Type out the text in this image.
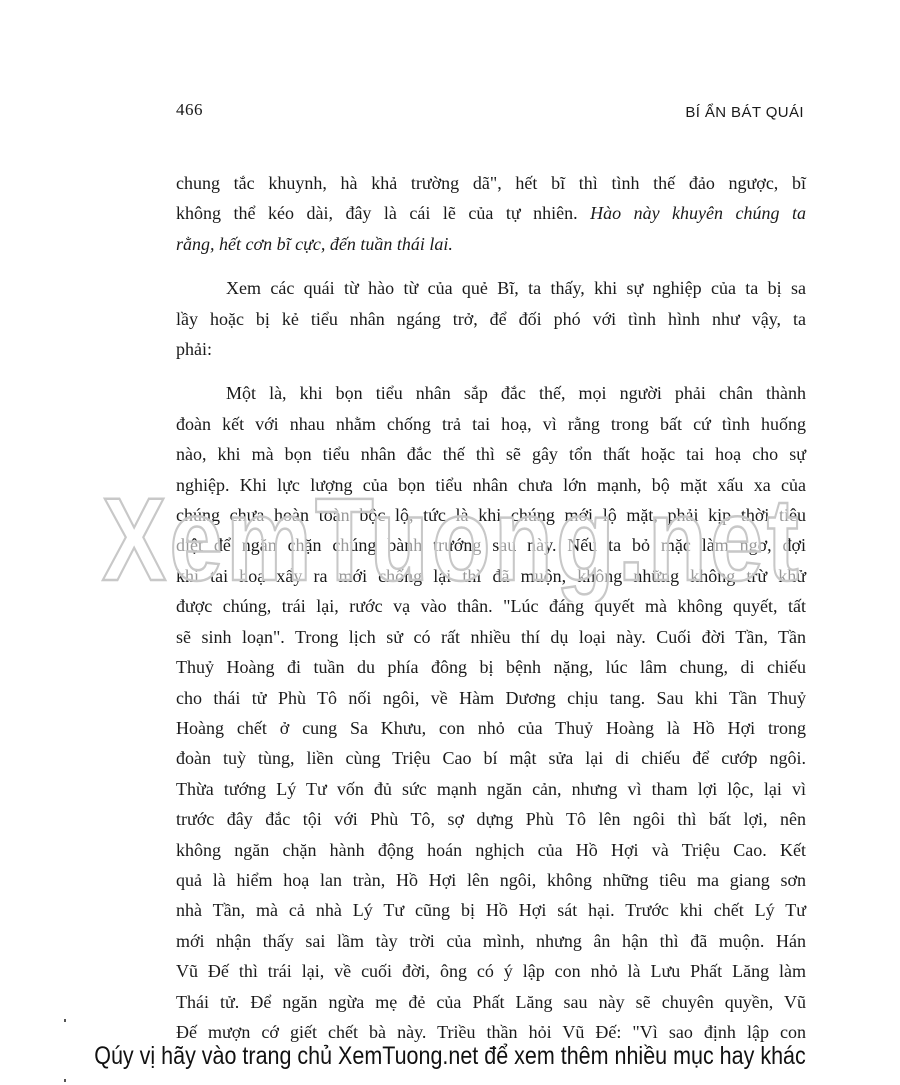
466	BÍ ẨN BÁT QUÁI
chung tắc khuynh, hà khả trường dã", hết bĩ thì tình thế đảo ngược, bĩ
không thể kéo dài, đây là cái lẽ của tự nhiên. Hào này khuyên chúng ta
rằng, hết cơn bĩ cực, đến tuần thái lai.
Xem các quái từ hào từ của quẻ Bĩ, ta thấy, khi sự nghiệp của ta bị sa
lầy hoặc bị kẻ tiểu nhân ngáng trở, để đối phó với tình hình như vậy, ta
phải:
Một là, khi bọn tiểu nhân sắp đắc thế, mọi người phải chân thành
đoàn kết với nhau nhằm chống trả tai hoạ, vì rằng trong bất cứ tình huống
nào, khi mà bọn tiểu nhân đắc thế thì sẽ gây tổn thất hoặc tai hoạ cho sự
nghiệp. Khi lực lượng của bọn tiểu nhân chưa lớn mạnh, bộ mặt xấu xa của
chúng chưa hoàn toàn bộc lộ, tức là khi chúng mới lộ mặt, phải kịp thời tiêu
diệt để ngăn chặn chúng bành trướng sau này. Nếu ta bỏ mặc làm ngơ, đợi
khi tai hoạ xẩy ra mới chống lại thì đã muộn, không những không trừ khử
được chúng, trái lại, rước vạ vào thân. "Lúc đáng quyết mà không quyết, tất
sẽ sinh loạn". Trong lịch sử có rất nhiều thí dụ loại này. Cuối đời Tần, Tần
Thuỷ Hoàng đi tuần du phía đông bị bệnh nặng, lúc lâm chung, di chiếu
cho thái tử Phù Tô nối ngôi, về Hàm Dương chịu tang. Sau khi Tần Thuỷ
Hoàng chết ở cung Sa Khưu, con nhỏ của Thuỷ Hoàng là Hồ Hợi trong
đoàn tuỳ tùng, liền cùng Triệu Cao bí mật sửa lại di chiếu để cướp ngôi.
Thừa tướng Lý Tư vốn đủ sức mạnh ngăn cản, nhưng vì tham lợi lộc, lại vì
trước đây đắc tội với Phù Tô, sợ dựng Phù Tô lên ngôi thì bất lợi, nên
không ngăn chặn hành động hoán nghịch của Hồ Hợi và Triệu Cao. Kết
quả là hiểm hoạ lan tràn, Hồ Hợi lên ngôi, không những tiêu ma giang sơn
nhà Tần, mà cả nhà Lý Tư cũng bị Hồ Hợi sát hại. Trước khi chết Lý Tư
mới nhận thấy sai lầm tày trời của mình, nhưng ân hận thì đã muộn. Hán
Vũ Đế thì trái lại, về cuối đời, ông có ý lập con nhỏ là Lưu Phất Lăng làm
Thái tử. Để ngăn ngừa mẹ đẻ của Phất Lăng sau này sẽ chuyên quyền, Vũ
Đế mượn cớ giết chết bà này. Triều thần hỏi Vũ Đế: "Vì sao định lập con
XemTuong.net
Qúy vị hãy vào trang chủ XemTuong.net để xem thêm nhiều mục hay khác
